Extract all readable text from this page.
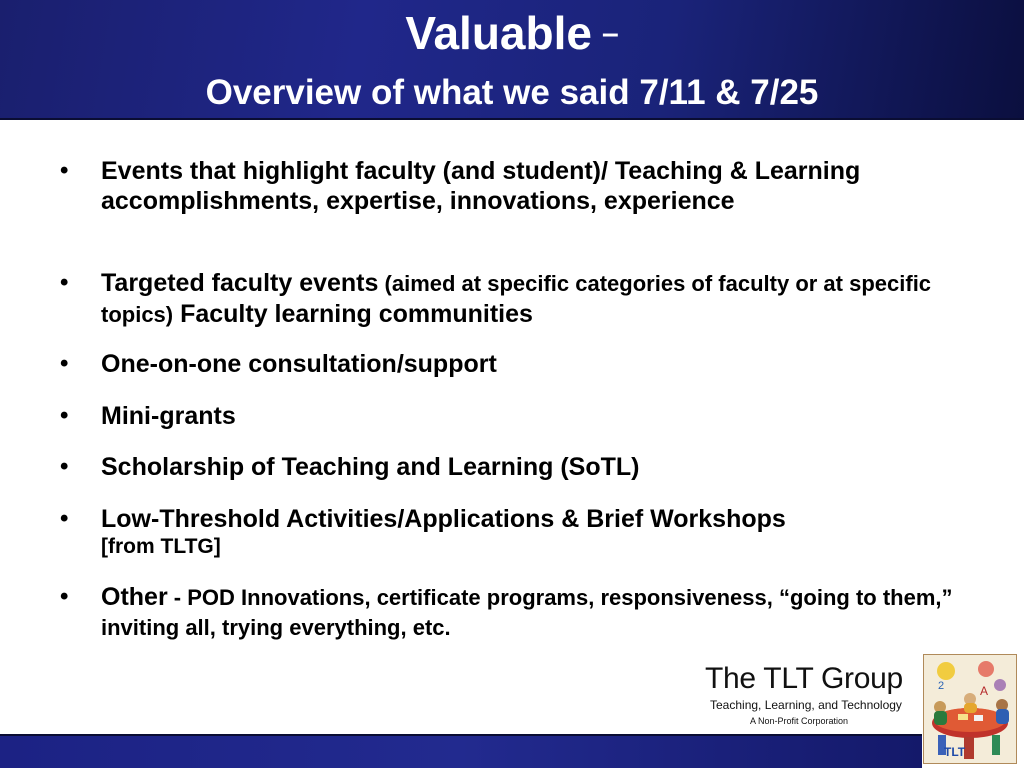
Valuable –
Overview of what we said 7/11 & 7/25
•	Events that highlight faculty (and student)/ Teaching & Learning accomplishments, expertise, innovations, experience
•	Targeted faculty events (aimed at specific categories of faculty or at specific topics) Faculty learning communities
•	One-on-one consultation/support
•	Mini-grants
•	Scholarship of Teaching and Learning (SoTL)
•	Low-Threshold Activities/Applications & Brief Workshops
[from TLTG]
•	Other - POD Innovations, certificate programs, responsiveness, “going to them,”
inviting all, trying everything, etc.
The TLT Group
Teaching, Learning, and Technology
A Non-Profit Corporation
2	A
TLT
